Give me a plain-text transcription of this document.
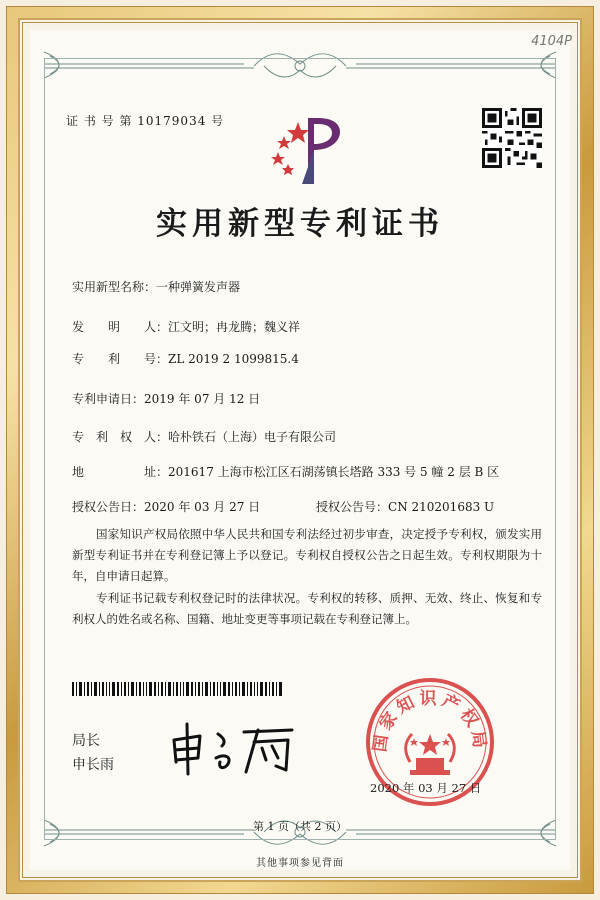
4104P
证 书 号 第 10179034 号
实用新型专利证书
实用新型名称：一种弹簧发声器
发　　明　　人：江文明；冉龙腾；魏义祥
专　　利　　号：ZL 2019 2 1099815.4
专利申请日：2019 年 07 月 12 日
专　利　权　人：哈朴铁石（上海）电子有限公司
地　　　　　址：201617 上海市松江区石湖荡镇长塔路 333 号 5 幢 2 层 B 区
授权公告日：2020 年 03 月 27 日	授权公告号：CN 210201683 U
国家知识产权局依照中华人民共和国专利法经过初步审查，决定授予专利权，颁发实用新型专利证书并在专利登记簿上予以登记。专利权自授权公告之日起生效。专利权期限为十年，自申请日起算。
专利证书记载专利权登记时的法律状况。专利权的转移、质押、无效、终止、恢复和专利权人的姓名或名称、国籍、地址变更等事项记载在专利登记簿上。
局长
申长雨
国家知识产权局
2020 年 03 月 27 日
第 1 页（共 2 页）
其他事项参见背面
